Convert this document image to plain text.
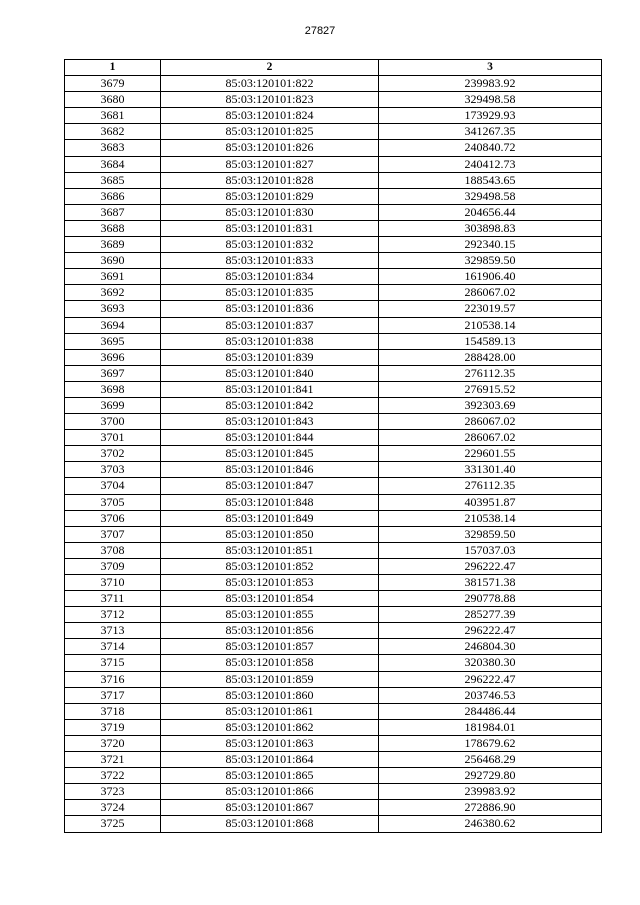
27827
1	2	3
3679	85:03:120101:822	239983.92
3680	85:03:120101:823	329498.58
3681	85:03:120101:824	173929.93
3682	85:03:120101:825	341267.35
3683	85:03:120101:826	240840.72
3684	85:03:120101:827	240412.73
3685	85:03:120101:828	188543.65
3686	85:03:120101:829	329498.58
3687	85:03:120101:830	204656.44
3688	85:03:120101:831	303898.83
3689	85:03:120101:832	292340.15
3690	85:03:120101:833	329859.50
3691	85:03:120101:834	161906.40
3692	85:03:120101:835	286067.02
3693	85:03:120101:836	223019.57
3694	85:03:120101:837	210538.14
3695	85:03:120101:838	154589.13
3696	85:03:120101:839	288428.00
3697	85:03:120101:840	276112.35
3698	85:03:120101:841	276915.52
3699	85:03:120101:842	392303.69
3700	85:03:120101:843	286067.02
3701	85:03:120101:844	286067.02
3702	85:03:120101:845	229601.55
3703	85:03:120101:846	331301.40
3704	85:03:120101:847	276112.35
3705	85:03:120101:848	403951.87
3706	85:03:120101:849	210538.14
3707	85:03:120101:850	329859.50
3708	85:03:120101:851	157037.03
3709	85:03:120101:852	296222.47
3710	85:03:120101:853	381571.38
3711	85:03:120101:854	290778.88
3712	85:03:120101:855	285277.39
3713	85:03:120101:856	296222.47
3714	85:03:120101:857	246804.30
3715	85:03:120101:858	320380.30
3716	85:03:120101:859	296222.47
3717	85:03:120101:860	203746.53
3718	85:03:120101:861	284486.44
3719	85:03:120101:862	181984.01
3720	85:03:120101:863	178679.62
3721	85:03:120101:864	256468.29
3722	85:03:120101:865	292729.80
3723	85:03:120101:866	239983.92
3724	85:03:120101:867	272886.90
3725	85:03:120101:868	246380.62
